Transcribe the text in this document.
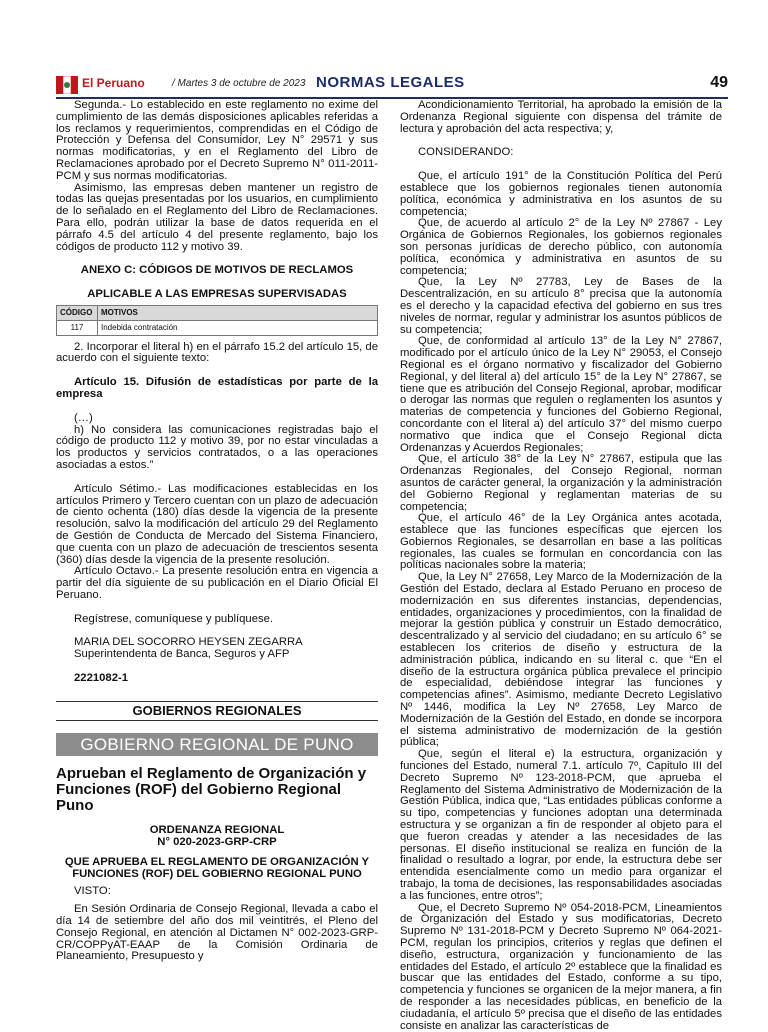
El Peruano	/ Martes 3 de octubre de 2023 NORMAS LEGALES	49

Segunda.- Lo establecido en este reglamento no exime del cumplimiento de las demás disposiciones aplicables referidas a los reclamos y requerimientos, comprendidas en el Código de Protección y Defensa del Consumidor, Ley N° 29571 y sus normas modificatorias, y en el Reglamento del Libro de Reclamaciones aprobado por el Decreto Supremo N° 011-2011-PCM y sus normas modificatorias.

Asimismo, las empresas deben mantener un registro de todas las quejas presentadas por los usuarios, en cumplimiento de lo señalado en el Reglamento del Libro de Reclamaciones. Para ello, podrán utilizar la base de datos requerida en el párrafo 4.5 del artículo 4 del presente reglamento, bajo los códigos de producto 112 y motivo 39.

ANEXO C: CÓDIGOS DE MOTIVOS DE RECLAMOS

APLICABLE A LAS EMPRESAS SUPERVISADAS

CÓDIGO	MOTIVOS
117	Indebida contratación

2. Incorporar el literal h) en el párrafo 15.2 del artículo 15, de acuerdo con el siguiente texto:

Artículo 15. Difusión de estadísticas por parte de la empresa

(…)

h) No considera las comunicaciones registradas bajo el código de producto 112 y motivo 39, por no estar vinculadas a los productos y servicios contratados, o a las operaciones asociadas a estos.”

Artículo Sétimo.- Las modificaciones establecidas en los artículos Primero y Tercero cuentan con un plazo de adecuación de ciento ochenta (180) días desde la vigencia de la presente resolución, salvo la modificación del artículo 29 del Reglamento de Gestión de Conducta de Mercado del Sistema Financiero, que cuenta con un plazo de adecuación de trescientos sesenta (360) días desde la vigencia de la presente resolución.

Artículo Octavo.- La presente resolución entra en vigencia a partir del día siguiente de su publicación en el Diario Oficial El Peruano.

Regístrese, comuníquese y publíquese.

MARIA DEL SOCORRO HEYSEN ZEGARRA

Superintendenta de Banca, Seguros y AFP

2221082-1

GOBIERNOS REGIONALES
GOBIERNO REGIONAL DE PUNO
Aprueban el Reglamento de Organización y Funciones (ROF) del Gobierno Regional Puno
ORDENANZA REGIONAL
N° 020-2023-GRP-CRP
QUE APRUEBA EL REGLAMENTO DE ORGANIZACIÓN Y FUNCIONES (ROF) DEL GOBIERNO REGIONAL PUNO

VISTO:

En Sesión Ordinaria de Consejo Regional, llevada a cabo el día 14 de setiembre del año dos mil veintitrés, el Pleno del Consejo Regional, en atención al Dictamen N° 002-2023-GRP-CR/COPPyAT-EAAP de la Comisión Ordinaria de Planeamiento, Presupuesto y

Acondicionamiento Territorial, ha aprobado la emisión de la Ordenanza Regional siguiente con dispensa del trámite de lectura y aprobación del acta respectiva; y,

CONSIDERANDO:

Que, el artículo 191° de la Constitución Política del Perú establece que los gobiernos regionales tienen autonomía política, económica y administrativa en los asuntos de su competencia;

Que, de acuerdo al artículo 2° de la Ley Nº 27867 - Ley Orgánica de Gobiernos Regionales, los gobiernos regionales son personas jurídicas de derecho público, con autonomía política, económica y administrativa en asuntos de su competencia;

Que, la Ley Nº 27783, Ley de Bases de la Descentralización, en su artículo 8° precisa que la autonomía es el derecho y la capacidad efectiva del gobierno en sus tres niveles de normar, regular y administrar los asuntos públicos de su competencia;

Que, de conformidad al artículo 13° de la Ley N° 27867, modificado por el artículo único de la Ley N° 29053, el Consejo Regional es el órgano normativo y fiscalizador del Gobierno Regional, y del literal a) del artículo 15° de la Ley N° 27867, se tiene que es atribución del Consejo Regional, aprobar, modificar o derogar las normas que regulen o reglamenten los asuntos y materias de competencia y funciones del Gobierno Regional, concordante con el literal a) del artículo 37° del mismo cuerpo normativo que indica que el Consejo Regional dicta Ordenanzas y Acuerdos Regionales;

Que, el artículo 38° de la Ley N° 27867, estipula que las Ordenanzas Regionales, del Consejo Regional, norman asuntos de carácter general, la organización y la administración del Gobierno Regional y reglamentan materias de su competencia;

Que, el artículo 46° de la Ley Orgánica antes acotada, establece que las funciones específicas que ejercen los Gobiernos Regionales, se desarrollan en base a las políticas regionales, las cuales se formulan en concordancia con las políticas nacionales sobre la materia;

Que, la Ley N° 27658, Ley Marco de la Modernización de la Gestión del Estado, declara al Estado Peruano en proceso de modernización en sus diferentes instancias, dependencias, entidades, organizaciones y procedimientos, con la finalidad de mejorar la gestión pública y construir un Estado democrático, descentralizado y al servicio del ciudadano; en su artículo 6° se establecen los criterios de diseño y estructura de la administración pública, indicando en su literal c. que “En el diseño de la estructura orgánica pública prevalece el principio de especialidad, debiéndose integrar las funciones y competencias afines”. Asimismo, mediante Decreto Legislativo Nº 1446, modifica la Ley Nº 27658, Ley Marco de Modernización de la Gestión del Estado, en donde se incorpora el sistema administrativo de modernización de la gestión pública;

Que, según el literal e) la estructura, organización y funciones del Estado, numeral 7.1. artículo 7º, Capitulo III del Decreto Supremo Nº 123-2018-PCM, que aprueba el Reglamento del Sistema Administrativo de Modernización de la Gestión Pública, indica que, “Las entidades públicas conforme a su tipo, competencias y funciones adoptan una determinada estructura y se organizan a fin de responder al objeto para el que fueron creadas y atender a las necesidades de las personas. El diseño institucional se realiza en función de la finalidad o resultado a lograr, por ende, la estructura debe ser entendida esencialmente como un medio para organizar el trabajo, la toma de decisiones, las responsabilidades asociadas a las funciones, entre otros”;

Que, el Decreto Supremo Nº 054-2018-PCM, Lineamientos de Organización del Estado y sus modificatorias, Decreto Supremo Nº 131-2018-PCM y Decreto Supremo Nº 064-2021-PCM, regulan los principios, criterios y reglas que definen el diseño, estructura, organización y funcionamiento de las entidades del Estado, el artículo 2º establece que la finalidad es buscar que las entidades del Estado, conforme a su tipo, competencia y funciones se organicen de la mejor manera, a fin de responder a las necesidades públicas, en beneficio de la ciudadanía, el artículo 5º precisa que el diseño de las entidades consiste en analizar las características de
